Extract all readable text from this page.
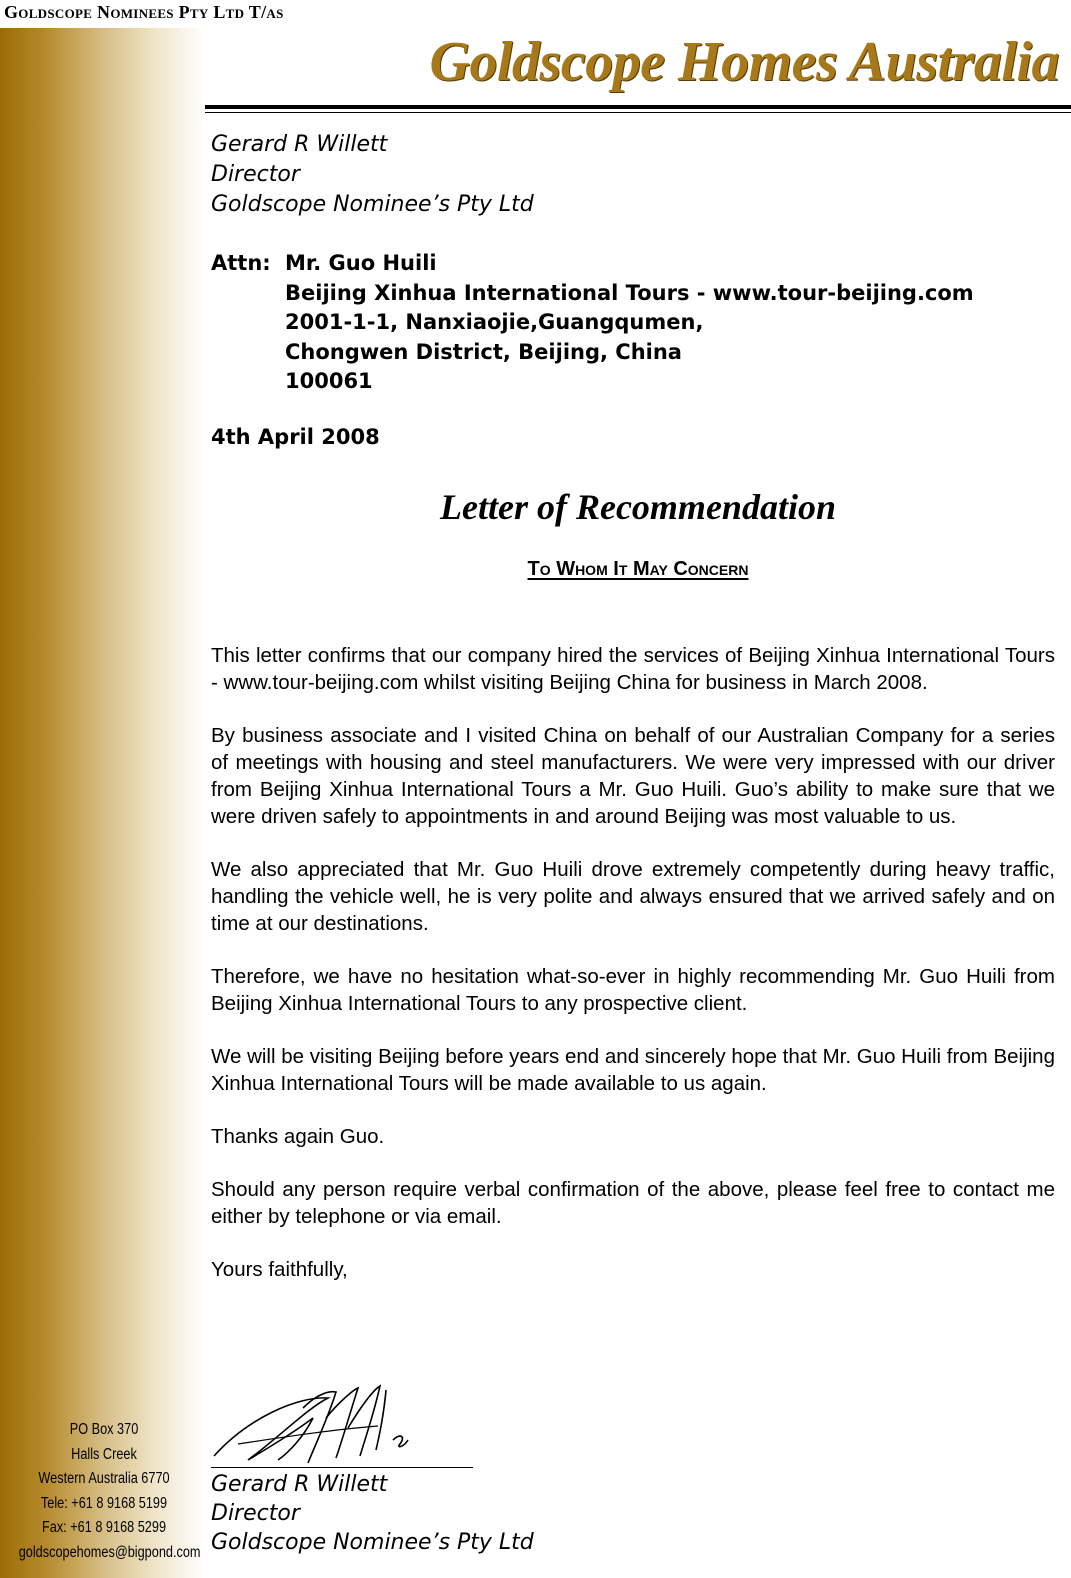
Goldscope Nominees Pty Ltd T/as
Goldscope Homes Australia
Gerard R Willett
Director
Goldscope Nominee’s Pty Ltd
Attn: Mr. Guo Huili
Beijing Xinhua International Tours - www.tour-beijing.com
2001-1-1, Nanxiaojie,Guangqumen,
Chongwen District, Beijing, China
100061
4th April 2008
Letter of Recommendation
To Whom It May Concern

This letter confirms that our company hired the services of Beijing Xinhua International Tours - www.tour-beijing.com whilst visiting Beijing China for business in March 2008.

By business associate and I visited China on behalf of our Australian Company for a series of meetings with housing and steel manufacturers. We were very impressed with our driver from Beijing Xinhua International Tours a Mr. Guo Huili. Guo’s ability to make sure that we were driven safely to appointments in and around Beijing was most valuable to us.

We also appreciated that Mr. Guo Huili drove extremely competently during heavy traffic, handling the vehicle well, he is very polite and always ensured that we arrived safely and on time at our destinations.

Therefore, we have no hesitation what-so-ever in highly recommending Mr. Guo Huili from Beijing Xinhua International Tours to any prospective client.

We will be visiting Beijing before years end and sincerely hope that Mr. Guo Huili from Beijing Xinhua International Tours will be made available to us again.

Thanks again Guo.

Should any person require verbal confirmation of the above, please feel free to contact me either by telephone or via email.

Yours faithfully,

Gerard R Willett
Director
Goldscope Nominee’s Pty Ltd
PO Box 370
Halls Creek
Western Australia 6770
Tele: +61 8 9168 5199
Fax: +61 8 9168 5299
goldscopehomes@bigpond.com
